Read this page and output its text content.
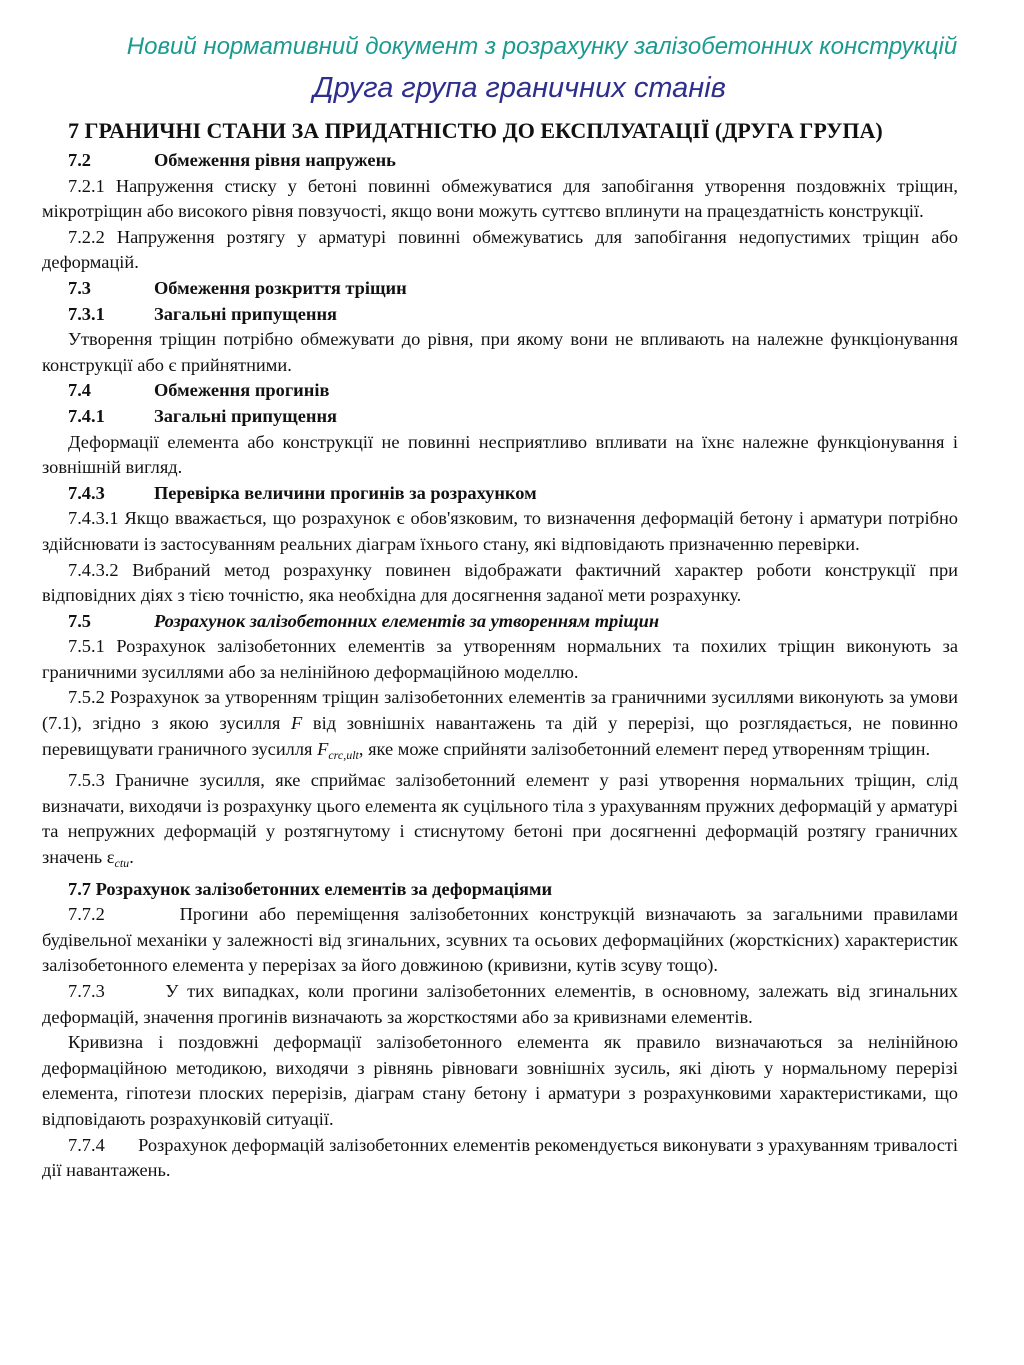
Новий нормативний документ з розрахунку залізобетонних конструкцій
Друга група граничних станів
7 ГРАНИЧНІ СТАНИ ЗА ПРИДАТНІСТЮ ДО ЕКСПЛУАТАЦІЇ (ДРУГА ГРУПА)
7.2	Обмеження рівня напружень

7.2.1 Напруження стиску у бетоні повинні обмежуватися для запобігання утворення поздовжніх тріщин, мікротріщин або високого рівня повзучості, якщо вони можуть суттєво вплинути на працездатність конструкції.

7.2.2 Напруження розтягу у арматурі повинні обмежуватись для запобігання недопустимих тріщин або деформацій.

7.3	Обмеження розкриття тріщин
7.3.1	Загальні припущення

Утворення тріщин потрібно обмежувати до рівня, при якому вони не впливають на належне функціонування конструкції або є прийнятними.

7.4	Обмеження прогинів
7.4.1	Загальні припущення

Деформації елемента або конструкції не повинні несприятливо впливати на їхнє належне функціонування і зовнішній вигляд.

7.4.3	Перевірка величини прогинів за розрахунком

7.4.3.1 Якщо вважається, що розрахунок є обов'язковим, то визначення деформацій бетону і арматури потрібно здійснювати із застосуванням реальних діаграм їхнього стану, які відповідають призначенню перевірки.

7.4.3.2 Вибраний метод розрахунку повинен відображати фактичний характер роботи конструкції при відповідних діях з тією точністю, яка необхідна для досягнення заданої мети розрахунку.

7.5	Розрахунок залізобетонних елементів за утворенням тріщин

7.5.1 Розрахунок залізобетонних елементів за утворенням нормальних та похилих тріщин виконують за граничними зусиллями або за нелінійною деформаційною моделлю.

7.5.2 Розрахунок за утворенням тріщин залізобетонних елементів за граничними зусиллями виконують за умови (7.1), згідно з якою зусилля F від зовнішніх навантажень та дій у перерізі, що розглядається, не повинно перевищувати граничного зусилля $F_{crc,ult}$, яке може сприйняти залізобетонний елемент перед утворенням тріщин.

7.5.3 Граничне зусилля, яке сприймає залізобетонний елемент у разі утворення нормальних тріщин, слід визначати, виходячи із розрахунку цього елемента як суцільного тіла з урахуванням пружних деформацій у арматурі та непружних деформацій у розтягнутому і стиснутому бетоні при досягненні деформацій розтягу граничних значень $\varepsilon_{ctu}$.

7.7 Розрахунок залізобетонних елементів за деформаціями

7.7.2       Прогини або переміщення залізобетонних конструкцій визначають за загальними правилами будівельної механіки у залежності від згинальних, зсувних та осьових деформаційних (жорсткісних) характеристик залізобетонного елемента у перерізах за його довжиною (кривизни, кутів зсуву тощо).

7.7.3       У тих випадках, коли прогини залізобетонних елементів, в основному, залежать від згинальних деформацій, значення прогинів визначають за жорсткостями або за кривизнами елементів.

Кривизна і поздовжні деформації залізобетонного елемента як правило визначаються за нелінійною деформаційною методикою, виходячи з рівнянь рівноваги зовнішніх зусиль, які діють у нормальному перерізі елемента, гіпотези плоских перерізів, діаграм стану бетону і арматури з розрахунковими характеристиками, що відповідають розрахунковій ситуації.

7.7.4       Розрахунок деформацій залізобетонних елементів рекомендується виконувати з урахуванням тривалості дії навантажень.
